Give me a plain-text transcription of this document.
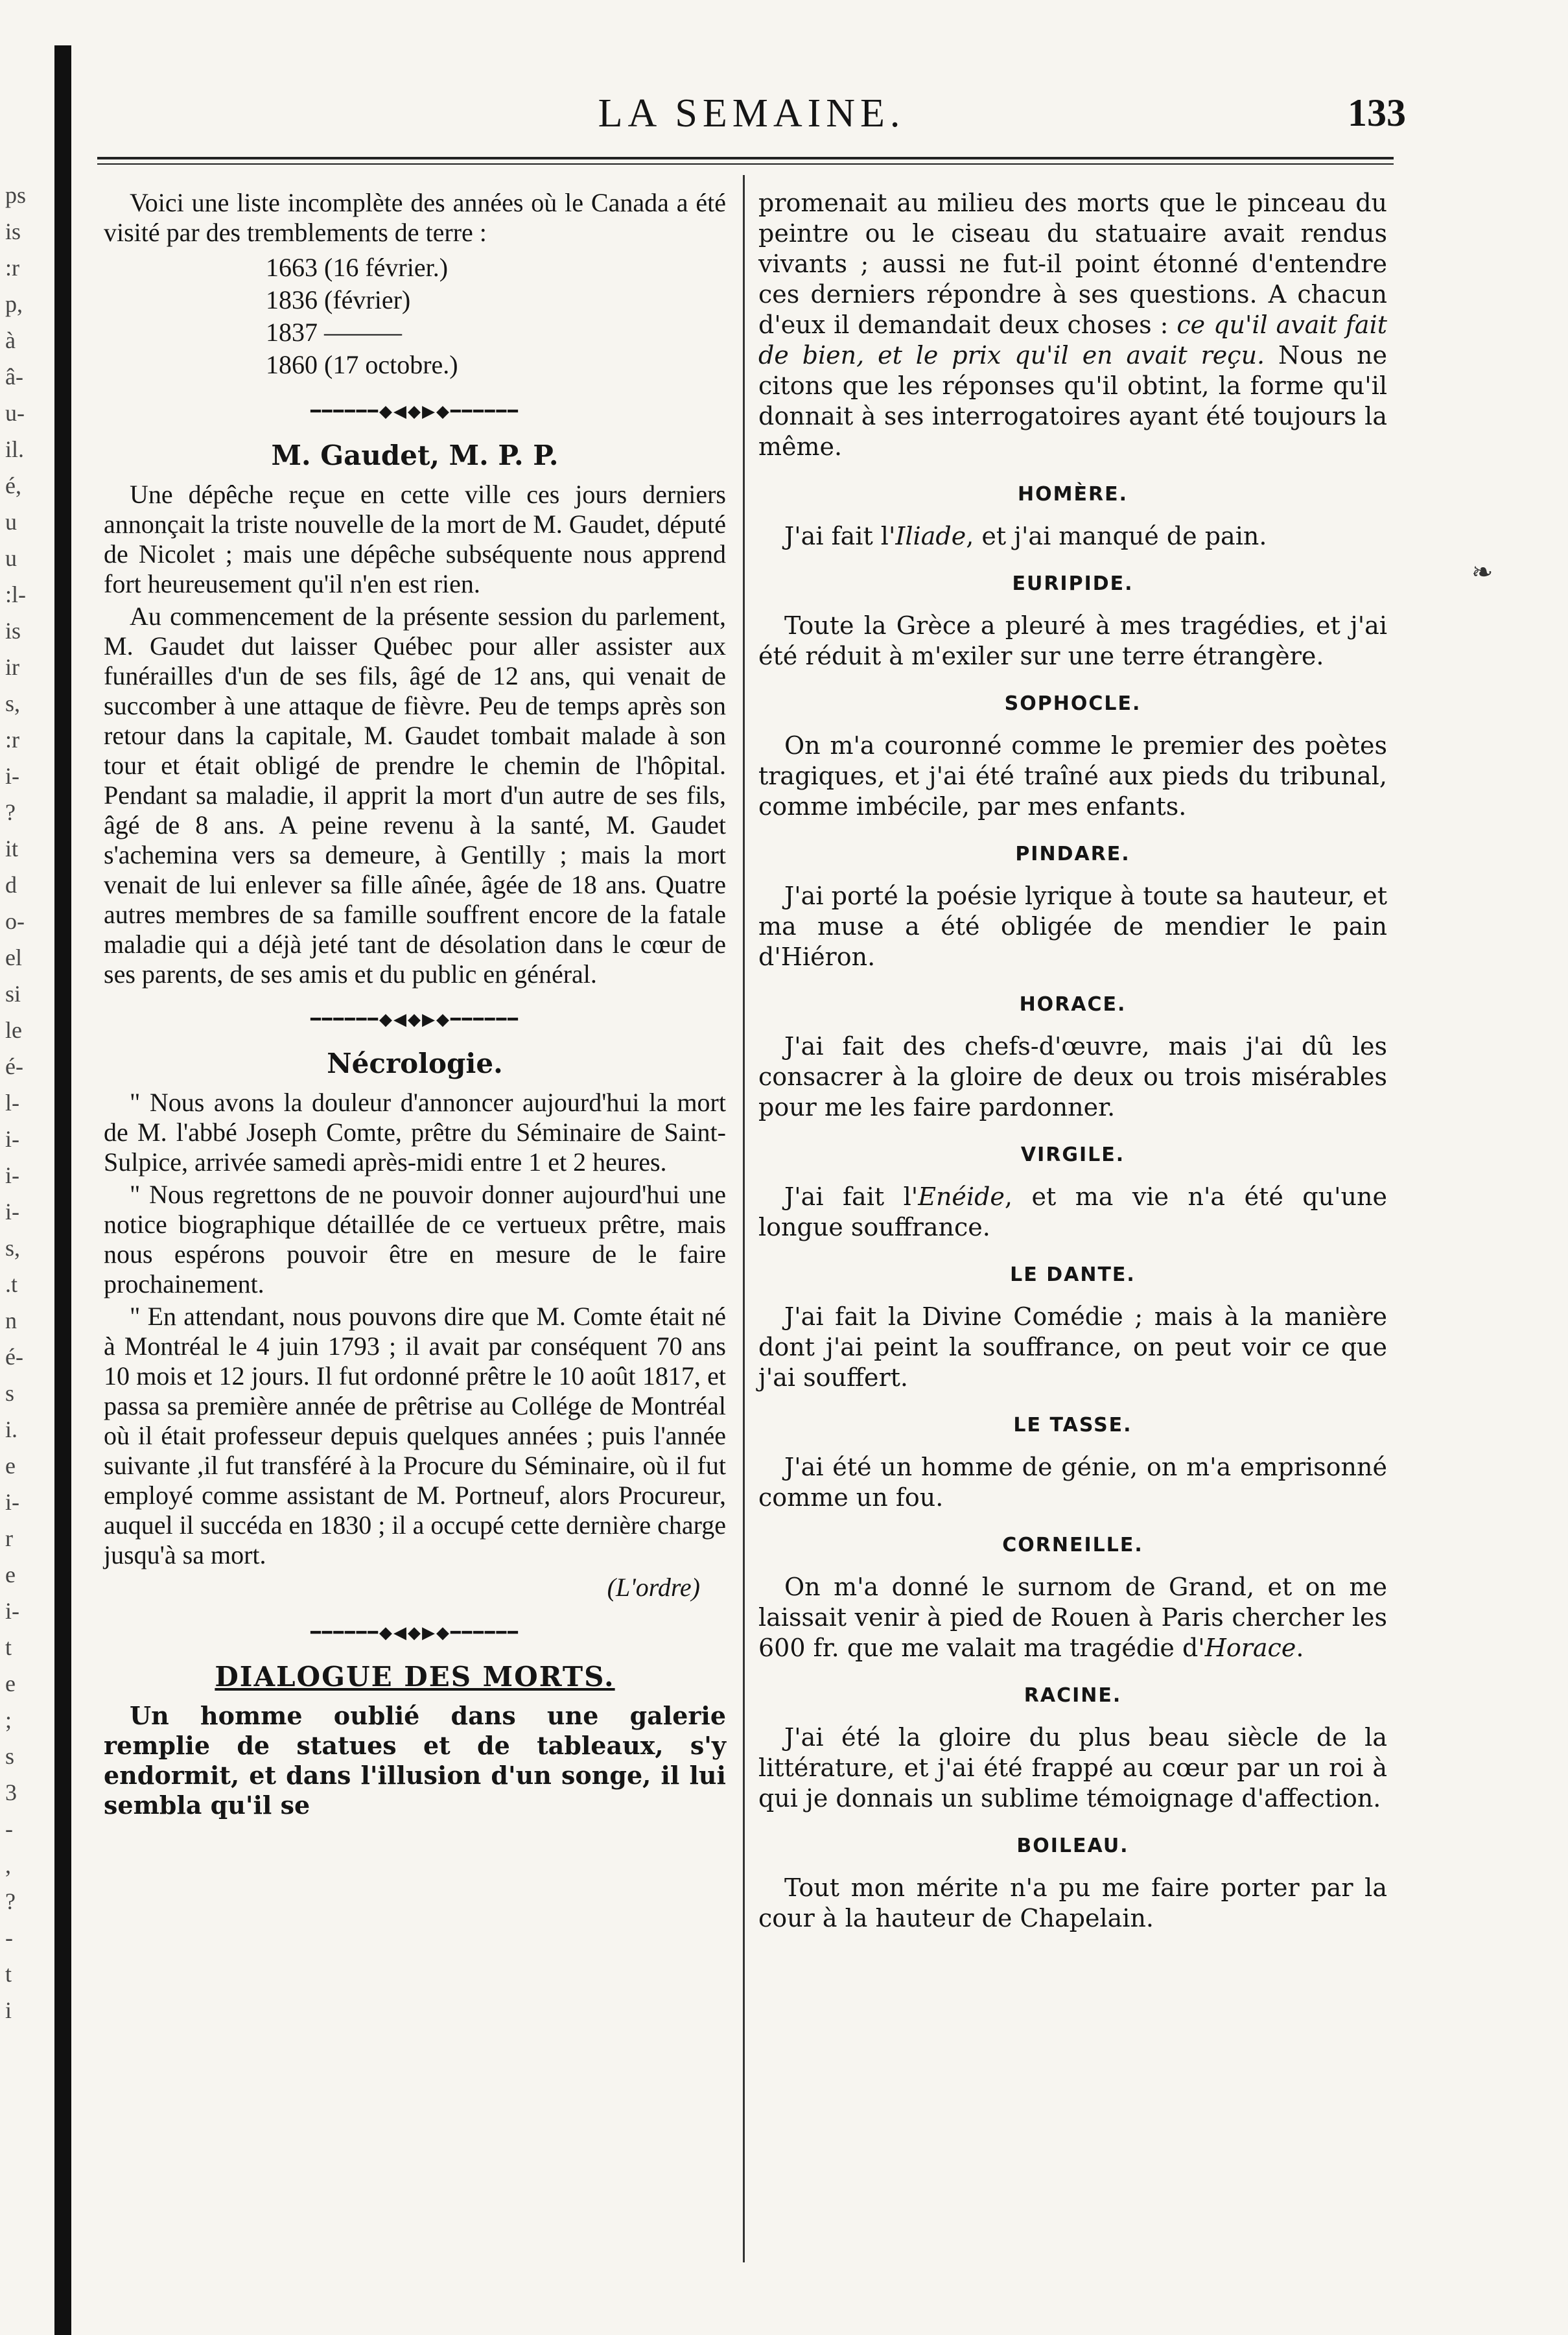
ps
is
:r
p,
à
â-
u-
il.
é,
u
u
:l-
is
ir
s,
:r
i-
?
it
d
o-
el
si
le
é-
l-
i-
i-
i-
s,
.t
n
é-
s
i.
e
i-
r
e
i-
t
e
;
s
3
-
,
?
-
t
i
LA SEMAINE.	133

Voici une liste incomplète des années où le Canada a été visité par des tremblements de terre :

1663 (16 février.)
1836 (février)
1837 ———
1860 (17 octobre.)
━━━━━━◆◀◆▶◆━━━━━━
M. Gaudet, M. P. P.

Une dépêche reçue en cette ville ces jours derniers annonçait la triste nouvelle de la mort de M. Gaudet, député de Nicolet ; mais une dépêche subséquente nous apprend fort heureusement qu'il n'en est rien.

Au commencement de la présente session du parlement, M. Gaudet dut laisser Québec pour aller assister aux funérailles d'un de ses fils, âgé de 12 ans, qui venait de succomber à une attaque de fièvre. Peu de temps après son retour dans la capitale, M. Gaudet tombait malade à son tour et était obligé de prendre le chemin de l'hôpital. Pendant sa maladie, il apprit la mort d'un autre de ses fils, âgé de 8 ans. A peine revenu à la santé, M. Gaudet s'achemina vers sa demeure, à Gentilly ; mais la mort venait de lui enlever sa fille aînée, âgée de 18 ans. Quatre autres membres de sa famille souffrent encore de la fatale maladie qui a déjà jeté tant de désolation dans le cœur de ses parents, de ses amis et du public en général.

━━━━━━◆◀◆▶◆━━━━━━
Nécrologie.

" Nous avons la douleur d'annoncer aujourd'hui la mort de M. l'abbé Joseph Comte, prêtre du Séminaire de Saint-Sulpice, arrivée samedi après-midi entre 1 et 2 heures.

" Nous regrettons de ne pouvoir donner aujourd'hui une notice biographique détaillée de ce vertueux prêtre, mais nous espérons pouvoir être en mesure de le faire prochainement.

" En attendant, nous pouvons dire que M. Comte était né à Montréal le 4 juin 1793 ; il avait par conséquent 70 ans 10 mois et 12 jours. Il fut ordonné prêtre le 10 août 1817, et passa sa première année de prêtrise au Collége de Montréal où il était professeur depuis quelques années ; puis l'année suivante ,il fut transféré à la Procure du Séminaire, où il fut employé comme assistant de M. Portneuf, alors Procureur, auquel il succéda en 1830 ; il a occupé cette dernière charge jusqu'à sa mort.

(L'ordre)
━━━━━━◆◀◆▶◆━━━━━━
DIALOGUE DES MORTS.

Un homme oublié dans une galerie remplie de statues et de tableaux, s'y endormit, et dans l'illusion d'un songe, il lui sembla qu'il se

promenait au milieu des morts que le pinceau du peintre ou le ciseau du statuaire avait rendus vivants ; aussi ne fut-il point étonné d'entendre ces derniers répondre à ses questions. A chacun d'eux il demandait deux choses : ce qu'il avait fait de bien, et le prix qu'il en avait reçu. Nous ne citons que les réponses qu'il obtint, la forme qu'il donnait à ses interrogatoires ayant été toujours la même.

HOMÈRE.

J'ai fait l'Iliade, et j'ai manqué de pain.

EURIPIDE.

Toute la Grèce a pleuré à mes tragédies, et j'ai été réduit à m'exiler sur une terre étrangère.

SOPHOCLE.

On m'a couronné comme le premier des poètes tragiques, et j'ai été traîné aux pieds du tribunal, comme imbécile, par mes enfants.

PINDARE.

J'ai porté la poésie lyrique à toute sa hauteur, et ma muse a été obligée de mendier le pain d'Hiéron.

HORACE.

J'ai fait des chefs-d'œuvre, mais j'ai dû les consacrer à la gloire de deux ou trois misérables pour me les faire pardonner.

VIRGILE.

J'ai fait l'Enéide, et ma vie n'a été qu'une longue souffrance.

LE DANTE.

J'ai fait la Divine Comédie ; mais à la manière dont j'ai peint la souffrance, on peut voir ce que j'ai souffert.

LE TASSE.

J'ai été un homme de génie, on m'a emprisonné comme un fou.

CORNEILLE.

On m'a donné le surnom de Grand, et on me laissait venir à pied de Rouen à Paris chercher les 600 fr. que me valait ma tragédie d'Horace.

RACINE.

J'ai été la gloire du plus beau siècle de la littérature, et j'ai été frappé au cœur par un roi à qui je donnais un sublime témoignage d'affection.

BOILEAU.

Tout mon mérite n'a pu me faire porter par la cour à la hauteur de Chapelain.

❧
